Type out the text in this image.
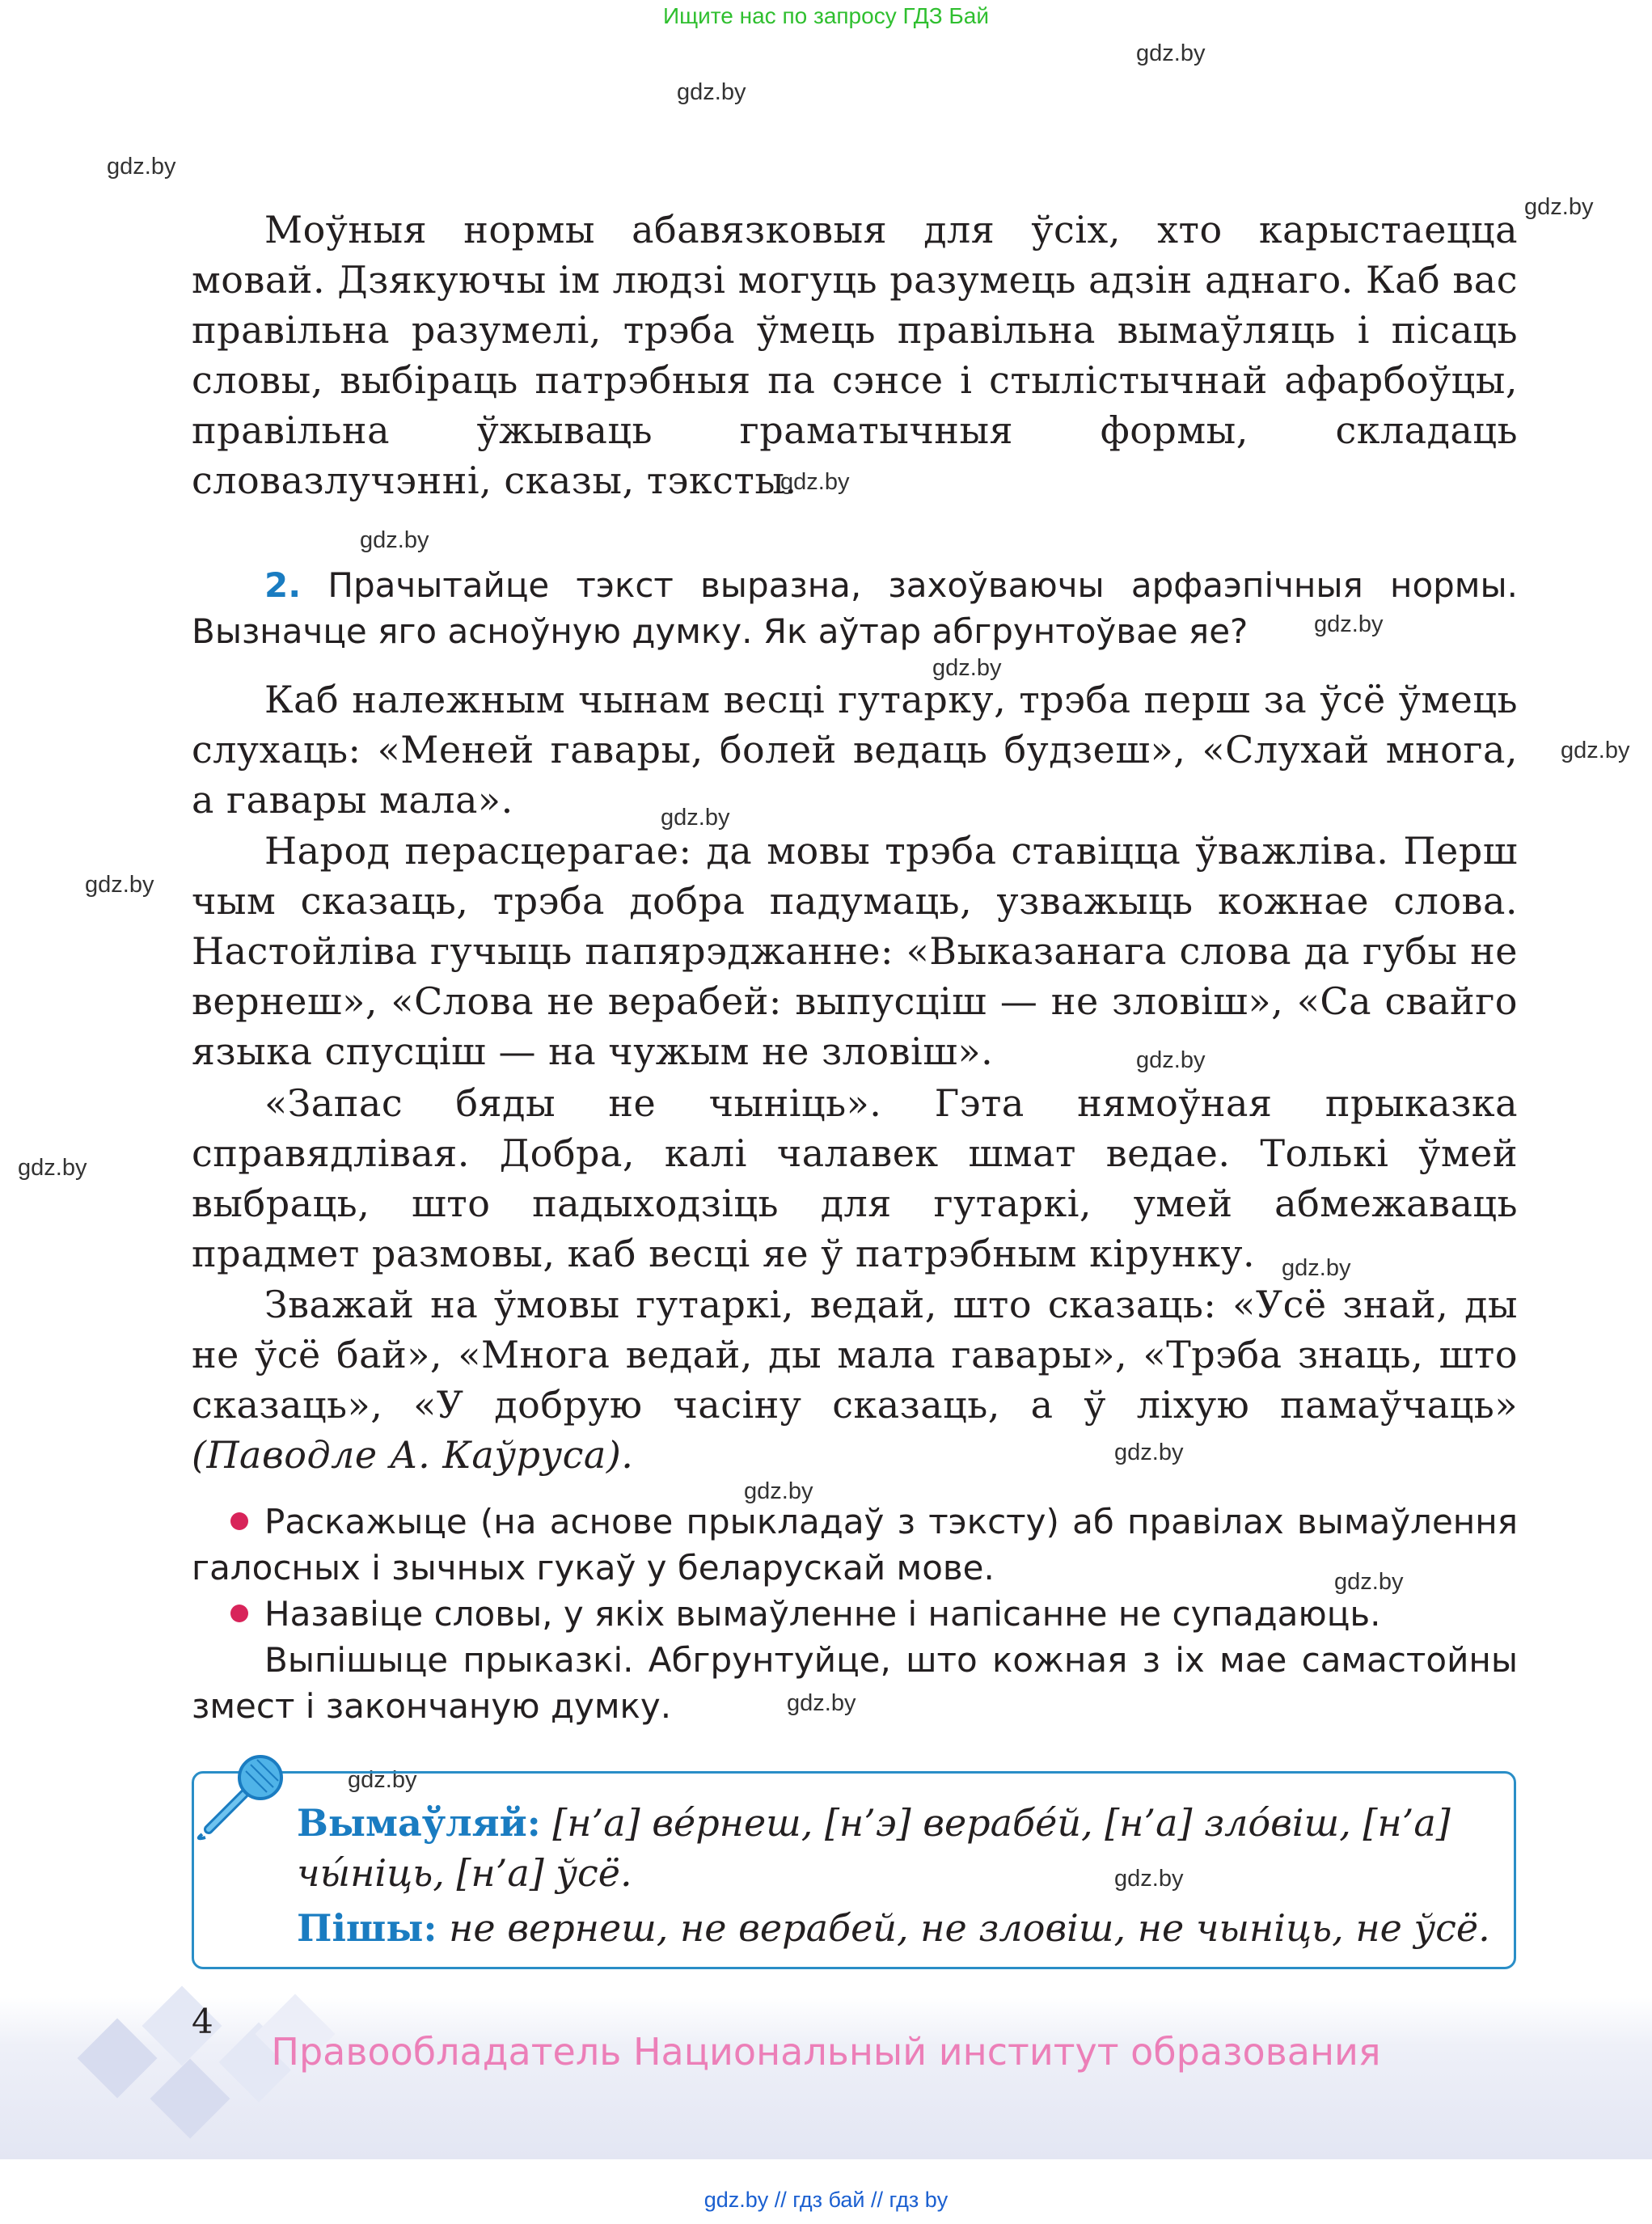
Ищите нас по запросу ГДЗ Бай
gdz.by
gdz.by
gdz.by
gdz.by
gdz.by
gdz.by
gdz.by
gdz.by
gdz.by
gdz.by
gdz.by
gdz.by
gdz.by
gdz.by
gdz.by
gdz.by
gdz.by
gdz.by
gdz.by
gdz.by
Моўныя нормы абавязковыя для ўсіх, хто карыстаецца мовай. Дзякуючы ім людзі могуць разумець адзін аднаго. Каб вас правільна разумелі, трэба ўмець правільна вымаўляць і пісаць словы, выбіраць патрэбныя па сэнсе і стылістычнай афарбоўцы, правільна ўжываць граматычныя формы, складаць словазлучэнні, сказы, тэксты.
2. Прачытайце тэкст выразна, захоўваючы арфаэпічныя нормы. Вызначце яго асноўную думку. Як аўтар абгрунтоўвае яе?
Каб належным чынам весці гутарку, трэба перш за ўсё ўмець слухаць: «Меней гавары, болей ведаць будзеш», «Слухай многа, а гавары мала».
Народ перасцерагае: да мовы трэба ставіцца ўважліва. Перш чым сказаць, трэба добра падумаць, узважыць кожнае слова. Настойліва гучыць папярэджанне: «Выказанага слова да губы не вернеш», «Слова не верабей: выпусціш — не зловіш», «Са свайго языка спусціш — на чужым не зловіш».
«Запас бяды не чыніць». Гэта нямоўная прыказка справядлівая. Добра, калі чалавек шмат ведае. Толькі ўмей выбраць, што падыходзіць для гутаркі, умей абмежаваць прадмет размовы, каб весці яе ў патрэбным кірунку.
Зважай на ўмовы гутаркі, ведай, што сказаць: «Усё знай, ды не ўсё бай», «Многа ведай, ды мала гавары», «Трэба знаць, што сказаць», «У добрую часіну сказаць, а ў ліхую памаўчаць» (Паводле А. Каўруса).
Раскажыце (на аснове прыкладаў з тэксту) аб правілах вымаўлення галосных і зычных гукаў у беларускай мове.
Назавіце словы, у якіх вымаўленне і напісанне не супадаюць.
Выпішыце прыказкі. Абгрунтуйце, што кожная з іх мае самастойны змест і закончаную думку.
Вымаўляй: [н’а] ве́рнеш, [н’э] верабе́й, [н’а] зло́віш, [н’а] чы́ніць, [н’а] ўсё.
Пішы: не вернеш, не верабей, не зловіш, не чыніць, не ўсё.
4
Правообладатель Национальный институт образования
gdz.by // гдз бай // гдз by
